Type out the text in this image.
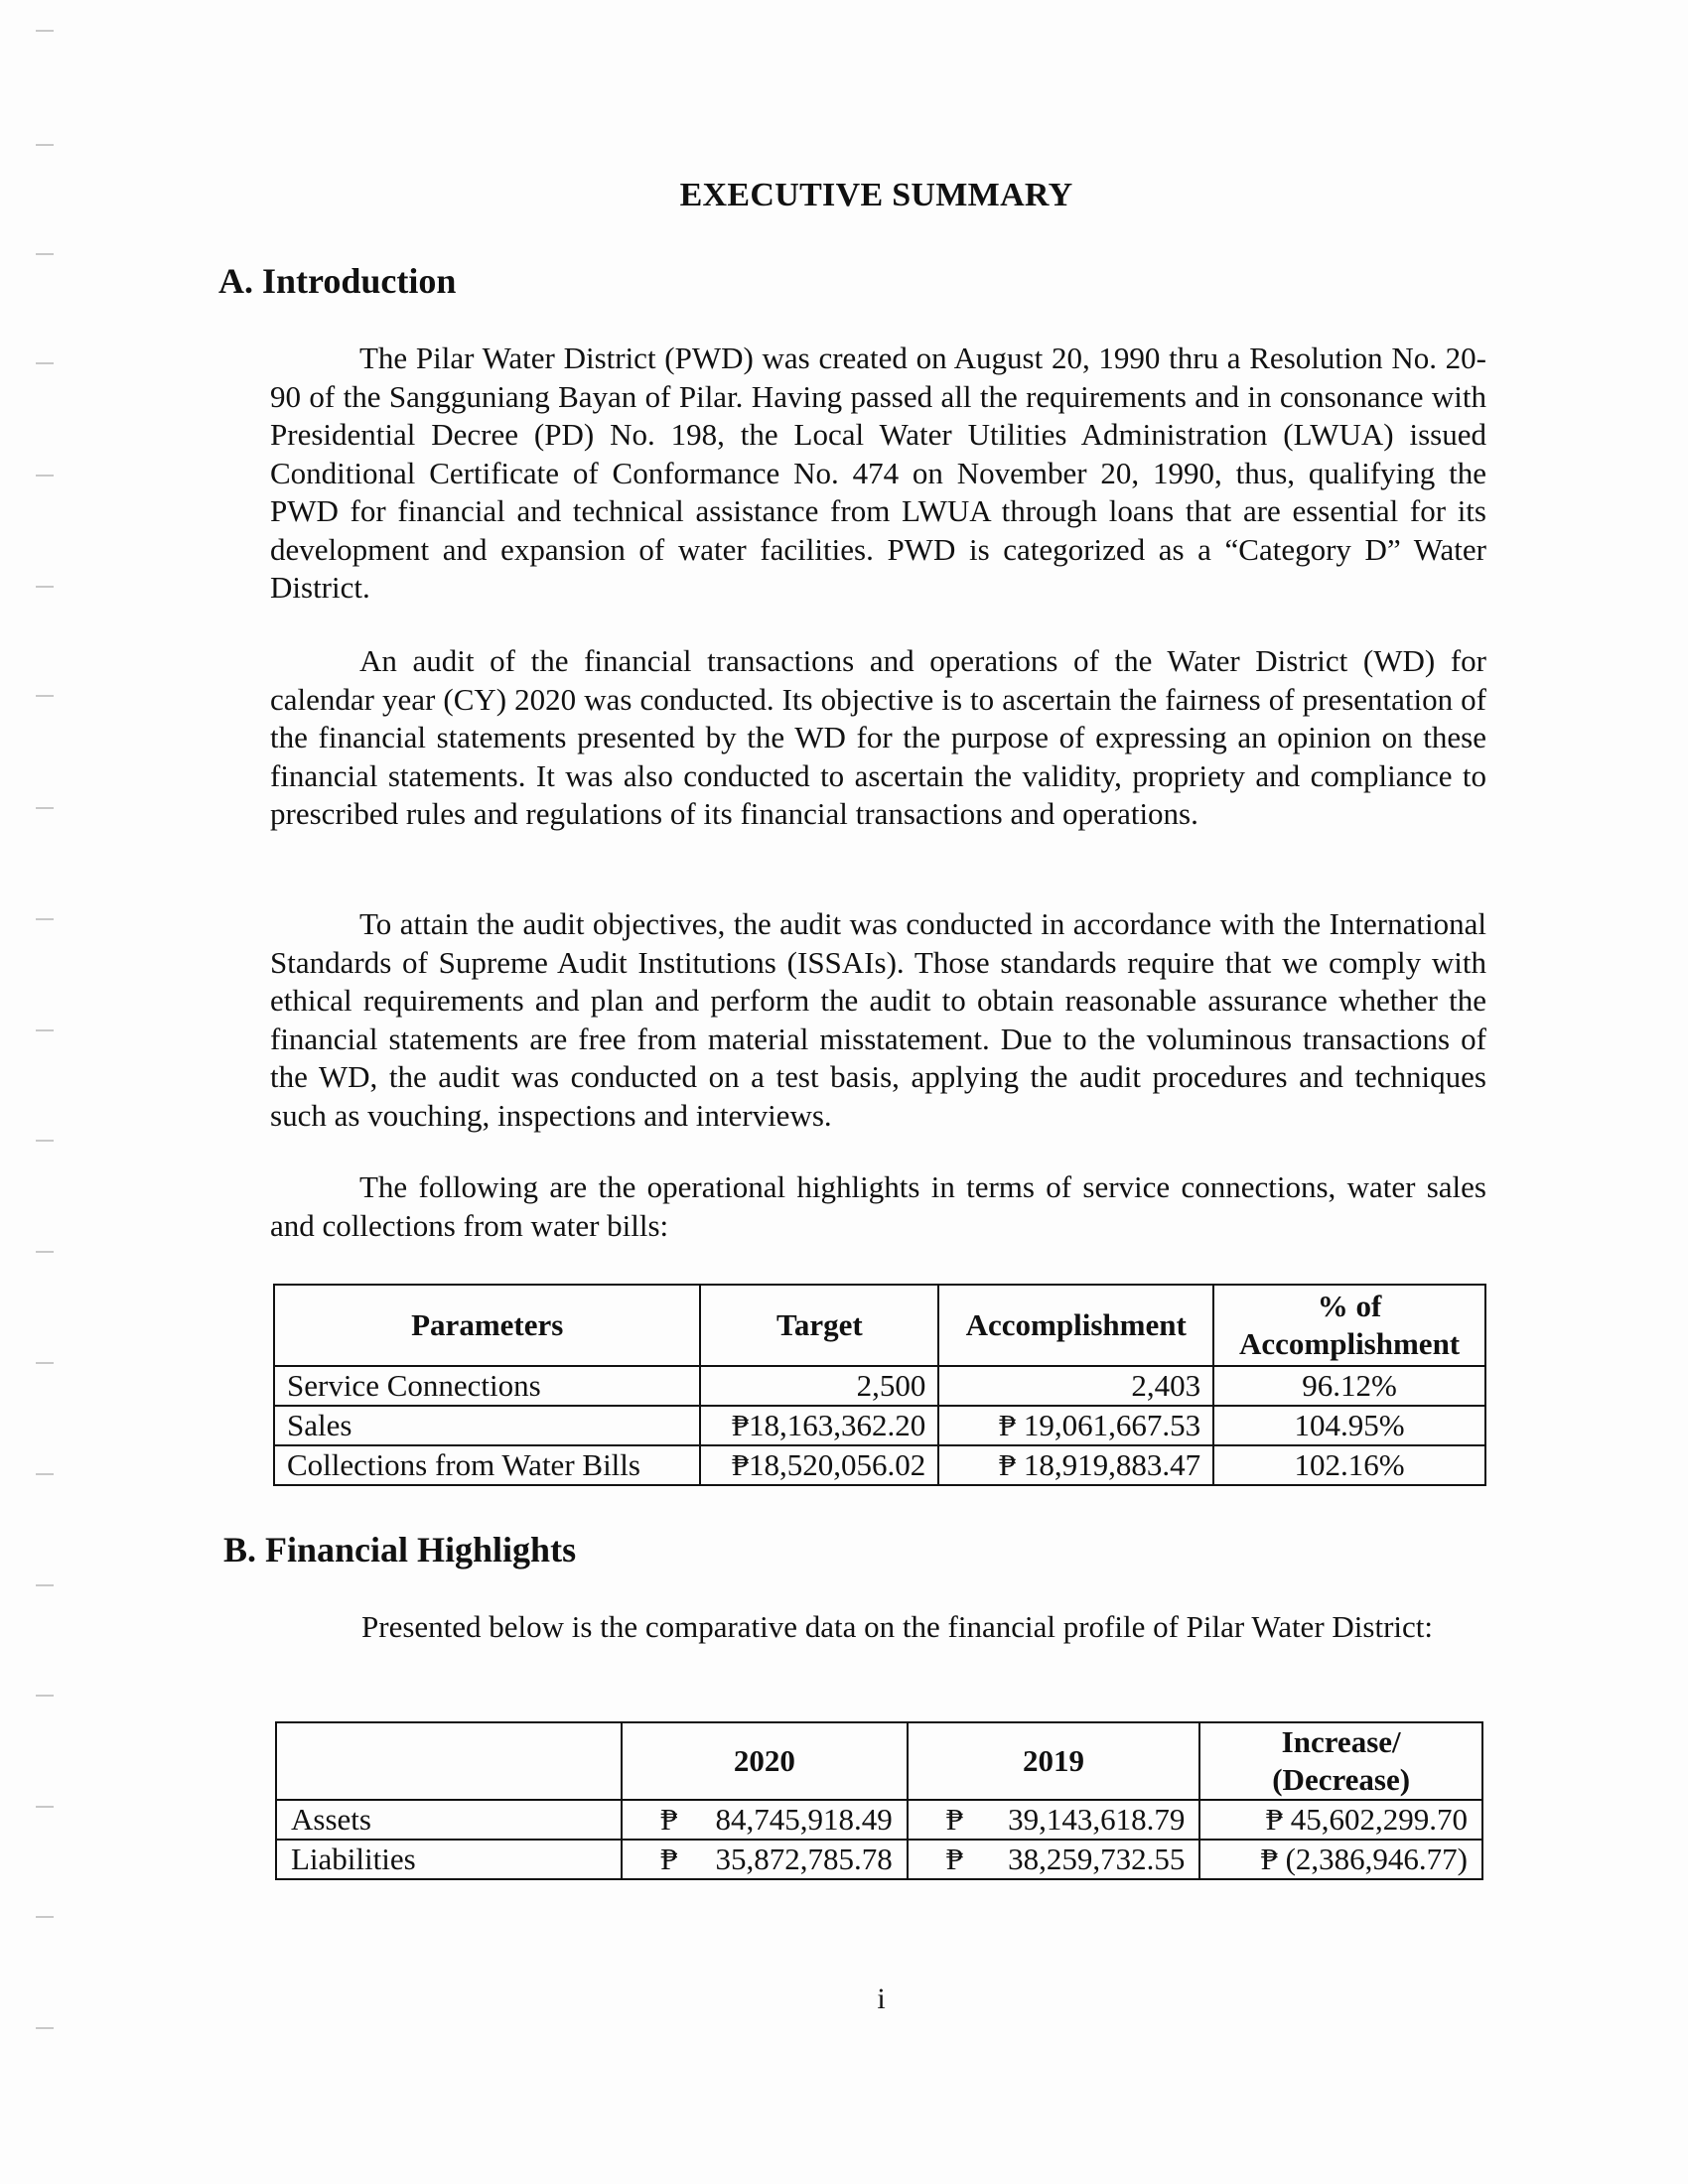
EXECUTIVE SUMMARY
A. Introduction

The Pilar Water District (PWD) was created on August 20, 1990 thru a Resolution No. 20-90 of the Sangguniang Bayan of Pilar. Having passed all the requirements and in consonance with Presidential Decree (PD) No. 198, the Local Water Utilities Administration (LWUA) issued Conditional Certificate of Conformance No. 474 on November 20, 1990, thus, qualifying the PWD for financial and technical assistance from LWUA through loans that are essential for its development and expansion of water facilities. PWD is categorized as a “Category D” Water District.

An audit of the financial transactions and operations of the Water District (WD) for calendar year (CY) 2020 was conducted. Its objective is to ascertain the fairness of presentation of the financial statements presented by the WD for the purpose of expressing an opinion on these financial statements. It was also conducted to ascertain the validity, propriety and compliance to prescribed rules and regulations of its financial transactions and operations.

To attain the audit objectives, the audit was conducted in accordance with the International Standards of Supreme Audit Institutions (ISSAIs). Those standards require that we comply with ethical requirements and plan and perform the audit to obtain reasonable assurance whether the financial statements are free from material misstatement. Due to the voluminous transactions of the WD, the audit was conducted on a test basis, applying the audit procedures and techniques such as vouching, inspections and interviews.

The following are the operational highlights in terms of service connections, water sales and collections from water bills:

Parameters	Target	Accomplishment	% of Accomplishment
Service Connections	2,500	2,403	96.12%
Sales	₱18,163,362.20	₱ 19,061,667.53	104.95%
Collections from Water Bills	₱18,520,056.02	₱ 18,919,883.47	102.16%
B. Financial Highlights

Presented below is the comparative data on the financial profile of Pilar Water District:

	2020	2019	Increase/ (Decrease)
Assets	₱ 84,745,918.49	₱ 39,143,618.79	₱ 45,602,299.70
Liabilities	₱ 35,872,785.78	₱ 38,259,732.55	₱ (2,386,946.77)
i
